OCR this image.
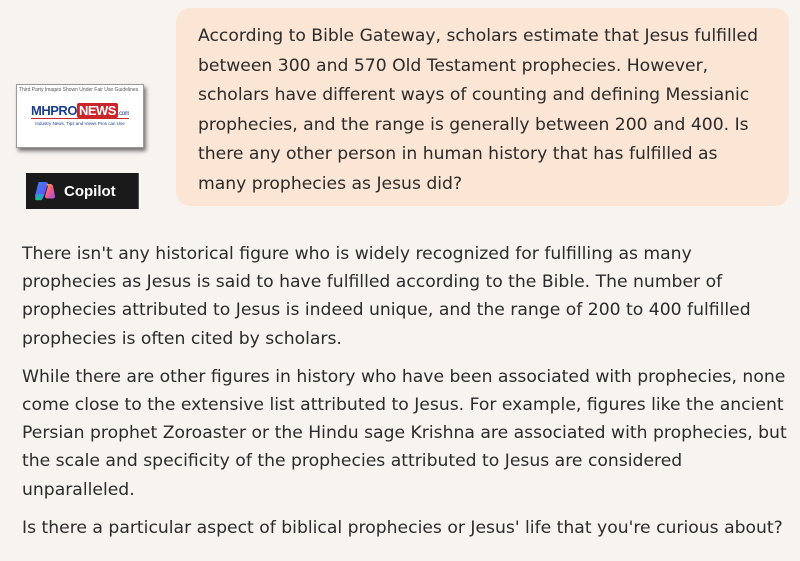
Third Party Images Shown Under Fair Use Guidelines
MHPRO NEWS .com
Industry News, Tips and Views Pros can Use
Copilot
According to Bible Gateway, scholars estimate that Jesus fulfilled between 300 and 570 Old Testament prophecies. However, scholars have different ways of counting and defining Messianic prophecies, and the range is generally between 200 and 400. Is there any other person in human history that has fulfilled as many prophecies as Jesus did?

There isn't any historical figure who is widely recognized for fulfilling as many prophecies as Jesus is said to have fulfilled according to the Bible. The number of prophecies attributed to Jesus is indeed unique, and the range of 200 to 400 fulfilled prophecies is often cited by scholars.

While there are other figures in history who have been associated with prophecies, none come close to the extensive list attributed to Jesus. For example, figures like the ancient Persian prophet Zoroaster or the Hindu sage Krishna are associated with prophecies, but the scale and specificity of the prophecies attributed to Jesus are considered unparalleled.

Is there a particular aspect of biblical prophecies or Jesus' life that you're curious about?
